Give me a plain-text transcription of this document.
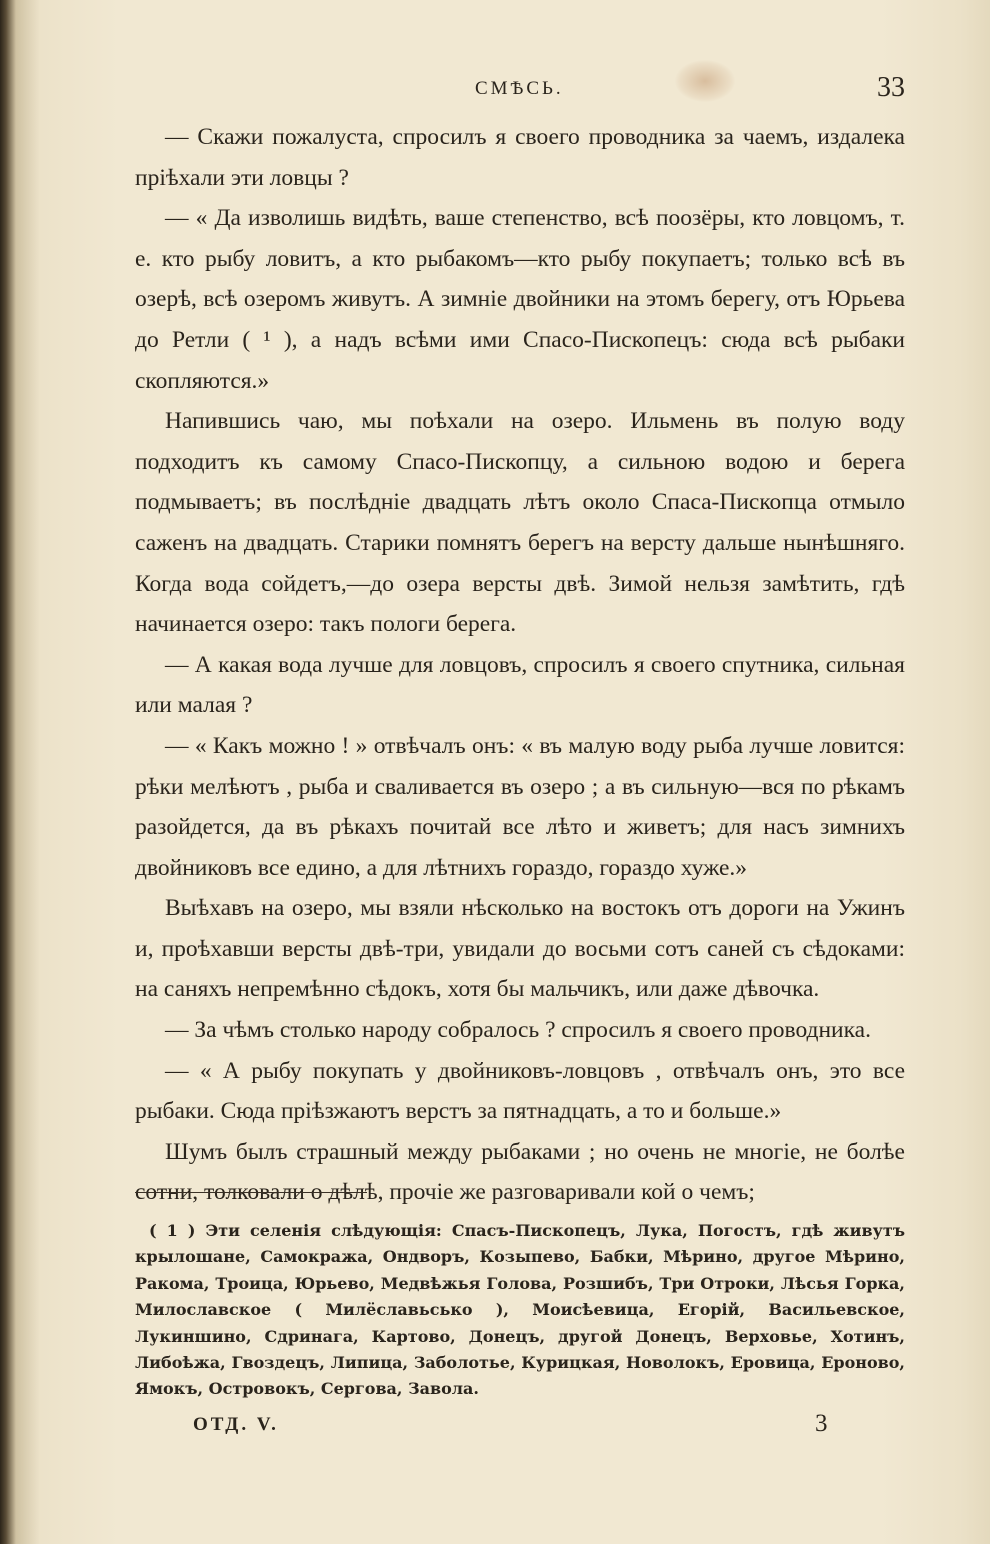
СМѢСЬ.	33

— Скажи пожалуста, спросилъ я своего проводника за чаемъ, издалека пріѣхали эти ловцы ?

— « Да изволишь видѣть, ваше степенство, всѣ поозёры, кто ловцомъ, т. е. кто рыбу ловитъ, а кто рыбакомъ—кто рыбу покупаетъ; только всѣ въ озерѣ, всѣ озеромъ живутъ. А зимніе двойники на этомъ берегу, отъ Юрьева до Ретли ( ¹ ), а надъ всѣми ими Спасо-Пископецъ: сюда всѣ рыбаки скопляются.»

Напившись чаю, мы поѣхали на озеро. Ильмень въ полую воду подходитъ къ самому Спасо-Пископцу, а сильною водою и берега подмываетъ; въ послѣдніе двадцать лѣтъ около Спаса-Пископца отмыло саженъ на двадцать. Старики помнятъ берегъ на версту дальше нынѣшняго. Когда вода сойдетъ,—до озера версты двѣ. Зимой нельзя замѣтить, гдѣ начинается озеро: такъ пологи берега.

— А какая вода лучше для ловцовъ, спросилъ я своего спутника, сильная или малая ?

— « Какъ можно ! » отвѣчалъ онъ: « въ малую воду рыба лучше ловится: рѣки мелѣютъ , рыба и сваливается въ озеро ; а въ сильную—вся по рѣкамъ разойдется, да въ рѣкахъ почитай все лѣто и живетъ; для насъ зимнихъ двойниковъ все едино, а для лѣтнихъ гораздо, гораздо хуже.»

Выѣхавъ на озеро, мы взяли нѣсколько на востокъ отъ дороги на Ужинъ и, проѣхавши версты двѣ-три, увидали до восьми сотъ саней съ сѣдоками: на саняхъ непремѣнно сѣдокъ, хотя бы мальчикъ, или даже дѣвочка.

— За чѣмъ столько народу собралось ? спросилъ я своего проводника.

— « А рыбу покупать у двойниковъ-ловцовъ , отвѣчалъ онъ, это все рыбаки. Сюда пріѣзжаютъ верстъ за пятнадцать, а то и больше.»

Шумъ былъ страшный между рыбаками ; но очень не многіе, не болѣе сотни, толковали о дѣлѣ, прочіе же разговаривали кой о чемъ;

( 1 ) Эти селенія слѣдующія: Спасъ-Пископецъ, Лука, Погостъ, гдѣ живутъ крылошане, Самокража, Ондворъ, Козыпево, Бабки, Мѣрино, другое Мѣрино, Ракома, Троица, Юрьево, Медвѣжья Голова, Розшибъ, Три Отроки, Лѣсья Горка, Милославское ( Милёславьсько ), Моисѣевица, Егорій, Васильевское, Лукиншино, Сдринага, Картово, Донецъ, другой Донецъ, Верховье, Хотинъ, Либоѣжа, Гвоздецъ, Липица, Заболотье, Курицкая, Новолокъ, Еровица, Ероново, Ямокъ, Островокъ, Сергова, Завола.

ОТД. V.	3
